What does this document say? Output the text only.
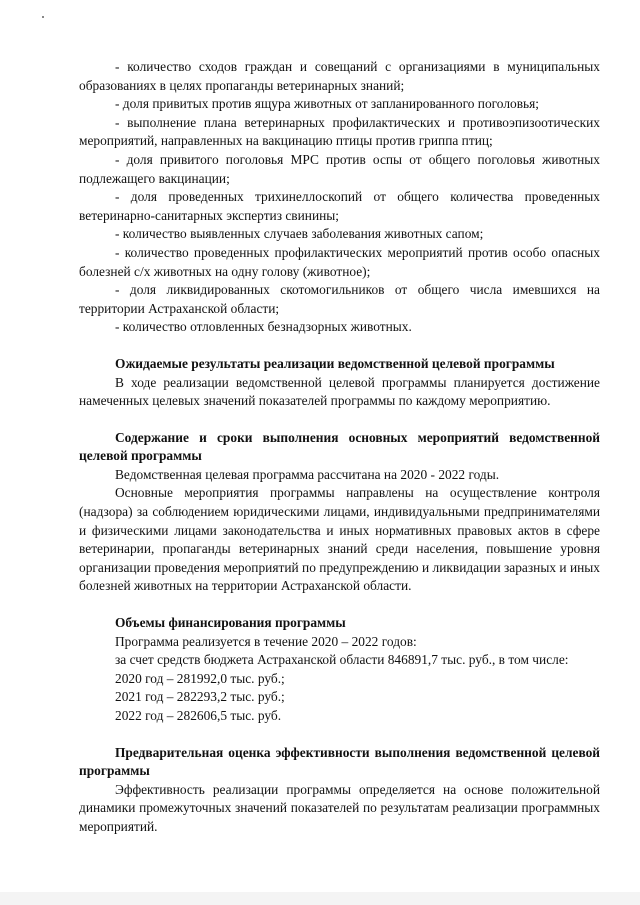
- количество сходов граждан и совещаний с организациями в муниципальных образованиях в целях пропаганды ветеринарных знаний;

- доля привитых против ящура животных от запланированного поголовья;

- выполнение плана ветеринарных профилактических и противоэпизоотических мероприятий, направленных на вакцинацию птицы против гриппа птиц;

- доля привитого поголовья МРС против оспы от общего поголовья животных подлежащего вакцинации;

- доля проведенных трихинеллоскопий от общего количества проведенных ветеринарно-санитарных экспертиз свинины;

- количество выявленных случаев заболевания животных сапом;

- количество проведенных профилактических мероприятий против особо опасных болезней с/х животных на одну голову (животное);

- доля ликвидированных скотомогильников от общего числа имевшихся на территории Астраханской области;

- количество отловленных безнадзорных животных.

Ожидаемые результаты реализации ведомственной целевой программы

В ходе реализации ведомственной целевой программы планируется достижение намеченных целевых значений показателей программы по каждому мероприятию.

Содержание и сроки выполнения основных мероприятий ведомственной целевой программы

Ведомственная целевая программа рассчитана на 2020 - 2022 годы.

Основные мероприятия программы направлены на осуществление контроля (надзора) за соблюдением юридическими лицами, индивидуальными предпринимателями и физическими лицами законодательства и иных нормативных правовых актов в сфере ветеринарии, пропаганды ветеринарных знаний среди населения, повышение уровня организации проведения мероприятий по предупреждению и ликвидации заразных и иных болезней животных на территории Астраханской области.

Объемы финансирования программы

Программа реализуется в течение 2020 – 2022 годов:

за счет средств бюджета Астраханской области 846891,7 тыс. руб., в том числе:

2020 год – 281992,0 тыс. руб.;

2021 год – 282293,2 тыс. руб.;

2022 год – 282606,5 тыс. руб.

Предварительная оценка эффективности выполнения ведомственной целевой программы

Эффективность реализации программы определяется на основе положительной динамики промежуточных значений показателей по результатам реализации программных мероприятий.
